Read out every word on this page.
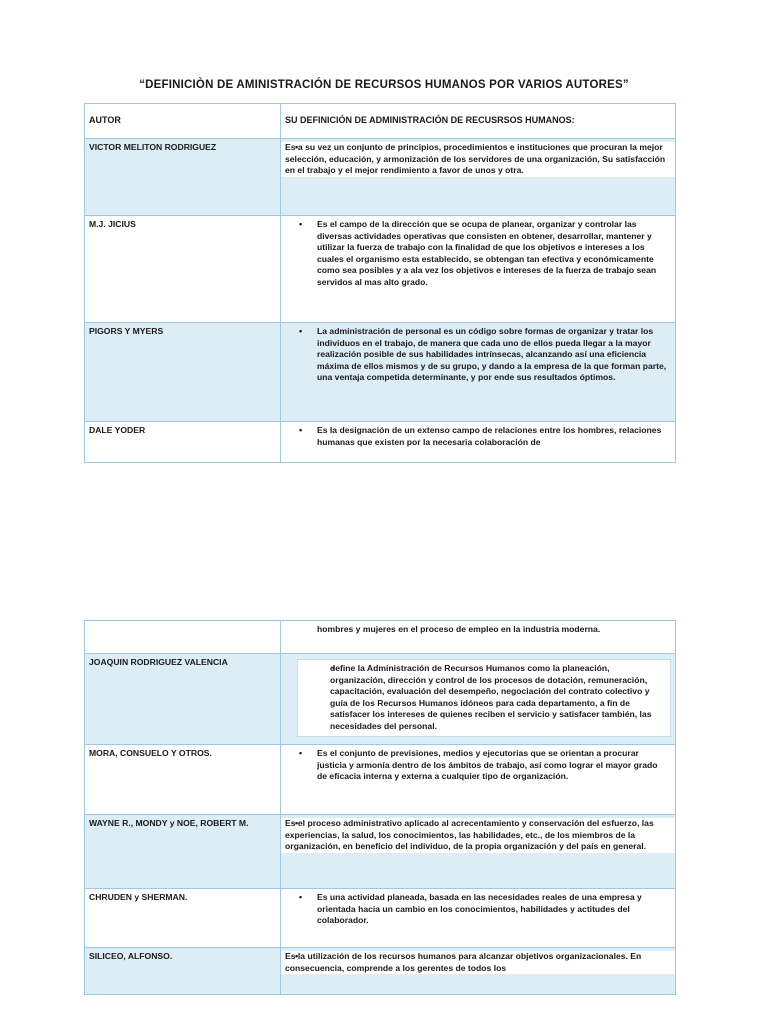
“DEFINICIÒN DE AMINISTRACIÓN DE RECURSOS HUMANOS POR VARIOS AUTORES”
AUTOR	SU DEFINICIÓN DE ADMINISTRACIÓN DE RECUSRSOS HUMANOS:
VICTOR MELITON RODRIGUEZ	• Es a su vez un conjunto de principios, procedimientos e instituciones que procuran la mejor selección, educación, y armonización de los servidores de una organización, Su satisfacción en el trabajo y el mejor rendimiento a favor de unos y otra.

M.J. JICIUS	• Es el campo de la dirección que se ocupa de planear, organizar y controlar las diversas actividades operativas que consisten en obtener, desarrollar, mantener y utilizar la fuerza de trabajo con la finalidad de que los objetivos e intereses a los cuales el organismo esta establecido, se obtengan tan efectiva y económicamente como sea posibles y a ala vez los objetivos e intereses de la fuerza de trabajo sean servidos al mas alto grado.

PIGORS Y MYERS	• La administración de personal es un código sobre formas de organizar y tratar los individuos en el trabajo, de manera que cada uno de ellos pueda llegar a la mayor realización posible de sus habilidades intrínsecas, alcanzando así una eficiencia máxima de ellos mismos y de su grupo, y dando a la empresa de la que forman parte, una ventaja competida determinante, y por ende sus resultados óptimos.

DALE YODER	• Es la designación de un extenso campo de relaciones entre los hombres, relaciones humanas que existen por la necesaria colaboración de

	hombres y mujeres en el proceso de empleo en la industria moderna.

JOAQUIN RODRIGUEZ VALENCIA	• define la Administración de Recursos Humanos como la planeación, organización, dirección y control de los procesos de dotación, remuneración, capacitación, evaluación del desempeño, negociación del contrato colectivo y guía de los Recursos Humanos idóneos para cada departamento, a fin de satisfacer los intereses de quienes reciben el servicio y satisfacer también, las necesidades del personal.

MORA, CONSUELO Y OTROS.	• Es el conjunto de previsiones, medios y ejecutorias que se orientan a procurar justicia y armonía dentro de los ámbitos de trabajo, así como lograr el mayor grado de eficacia interna y externa a cualquier tipo de organización.

WAYNE R., MONDY y NOE, ROBERT M.	• Es el proceso administrativo aplicado al acrecentamiento y conservación del esfuerzo, las experiencias, la salud, los conocimientos, las habilidades, etc., de los miembros de la organización, en beneficio del individuo, de la propia organización y del país en general.

CHRUDEN y SHERMAN.	• Es una actividad planeada, basada en las necesidades reales de una empresa y orientada hacia un cambio en los conocimientos, habilidades y actitudes del colaborador.

SILICEO, ALFONSO.	• Es la utilización de los recursos humanos para alcanzar objetivos organizacionales. En consecuencia, comprende a los gerentes de todos los
